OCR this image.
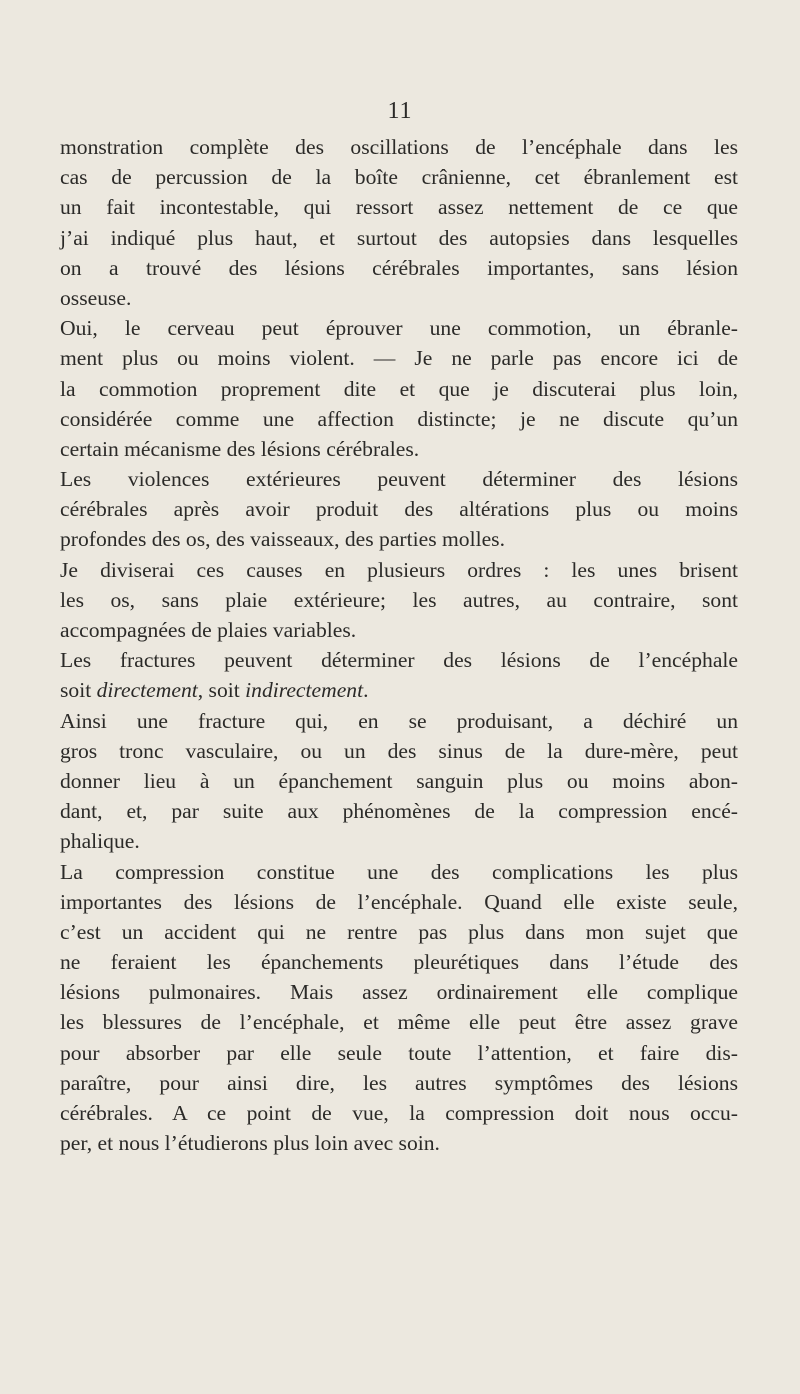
11
monstration complète des oscillations de l’encéphale dans les
cas de percussion de la boîte crânienne, cet ébranlement est
un fait incontestable, qui ressort assez nettement de ce que
j’ai indiqué plus haut, et surtout des autopsies dans lesquelles
on a trouvé des lésions cérébrales importantes, sans lésion
osseuse.
Oui, le cerveau peut éprouver une commotion, un ébranle-
ment plus ou moins violent. — Je ne parle pas encore ici de
la commotion proprement dite et que je discuterai plus loin,
considérée comme une affection distincte; je ne discute qu’un
certain mécanisme des lésions cérébrales.
Les violences extérieures peuvent déterminer des lésions
cérébrales après avoir produit des altérations plus ou moins
profondes des os, des vaisseaux, des parties molles.
Je diviserai ces causes en plusieurs ordres : les unes brisent
les os, sans plaie extérieure; les autres, au contraire, sont
accompagnées de plaies variables.
Les fractures peuvent déterminer des lésions de l’encéphale
soit directement, soit indirectement.
Ainsi une fracture qui, en se produisant, a déchiré un
gros tronc vasculaire, ou un des sinus de la dure-mère, peut
donner lieu à un épanchement sanguin plus ou moins abon-
dant, et, par suite aux phénomènes de la compression encé-
phalique.
La compression constitue une des complications les plus
importantes des lésions de l’encéphale. Quand elle existe seule,
c’est un accident qui ne rentre pas plus dans mon sujet que
ne feraient les épanchements pleurétiques dans l’étude des
lésions pulmonaires. Mais assez ordinairement elle complique
les blessures de l’encéphale, et même elle peut être assez grave
pour absorber par elle seule toute l’attention, et faire dis-
paraître, pour ainsi dire, les autres symptômes des lésions
cérébrales. A ce point de vue, la compression doit nous occu-
per, et nous l’étudierons plus loin avec soin.
